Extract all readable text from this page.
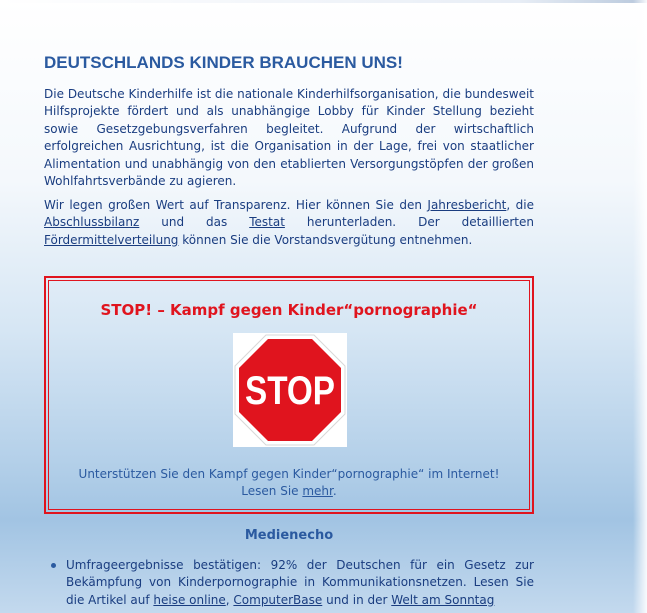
DEUTSCHLANDS KINDER BRAUCHEN UNS!

Die Deutsche Kinderhilfe ist die nationale Kinderhilfsorganisation, die bundesweit Hilfsprojekte fördert und als unabhängige Lobby für Kinder Stellung bezieht sowie Gesetzgebungsverfahren begleitet. Aufgrund der wirtschaftlich erfolgreichen Ausrichtung, ist die Organisation in der Lage, frei von staatlicher Alimentation und unabhängig von den etablierten Versorgungstöpfen der großen Wohlfahrtsverbände zu agieren.

Wir legen großen Wert auf Transparenz. Hier können Sie den Jahresbericht, die Abschlussbilanz und das Testat herunterladen. Der detaillierten Fördermittelverteilung können Sie die Vorstandsvergütung entnehmen.

STOP! – Kampf gegen Kinder“pornographie“
STOP
Unterstützen Sie den Kampf gegen Kinder“pornographie“ im Internet!
Lesen Sie mehr.
Medienecho
Umfrageergebnisse bestätigen: 92% der Deutschen für ein Gesetz zur Bekämpfung von Kinderpornographie in Kommunikationsnetzen. Lesen Sie die Artikel auf heise online, ComputerBase und in der Welt am Sonntag
